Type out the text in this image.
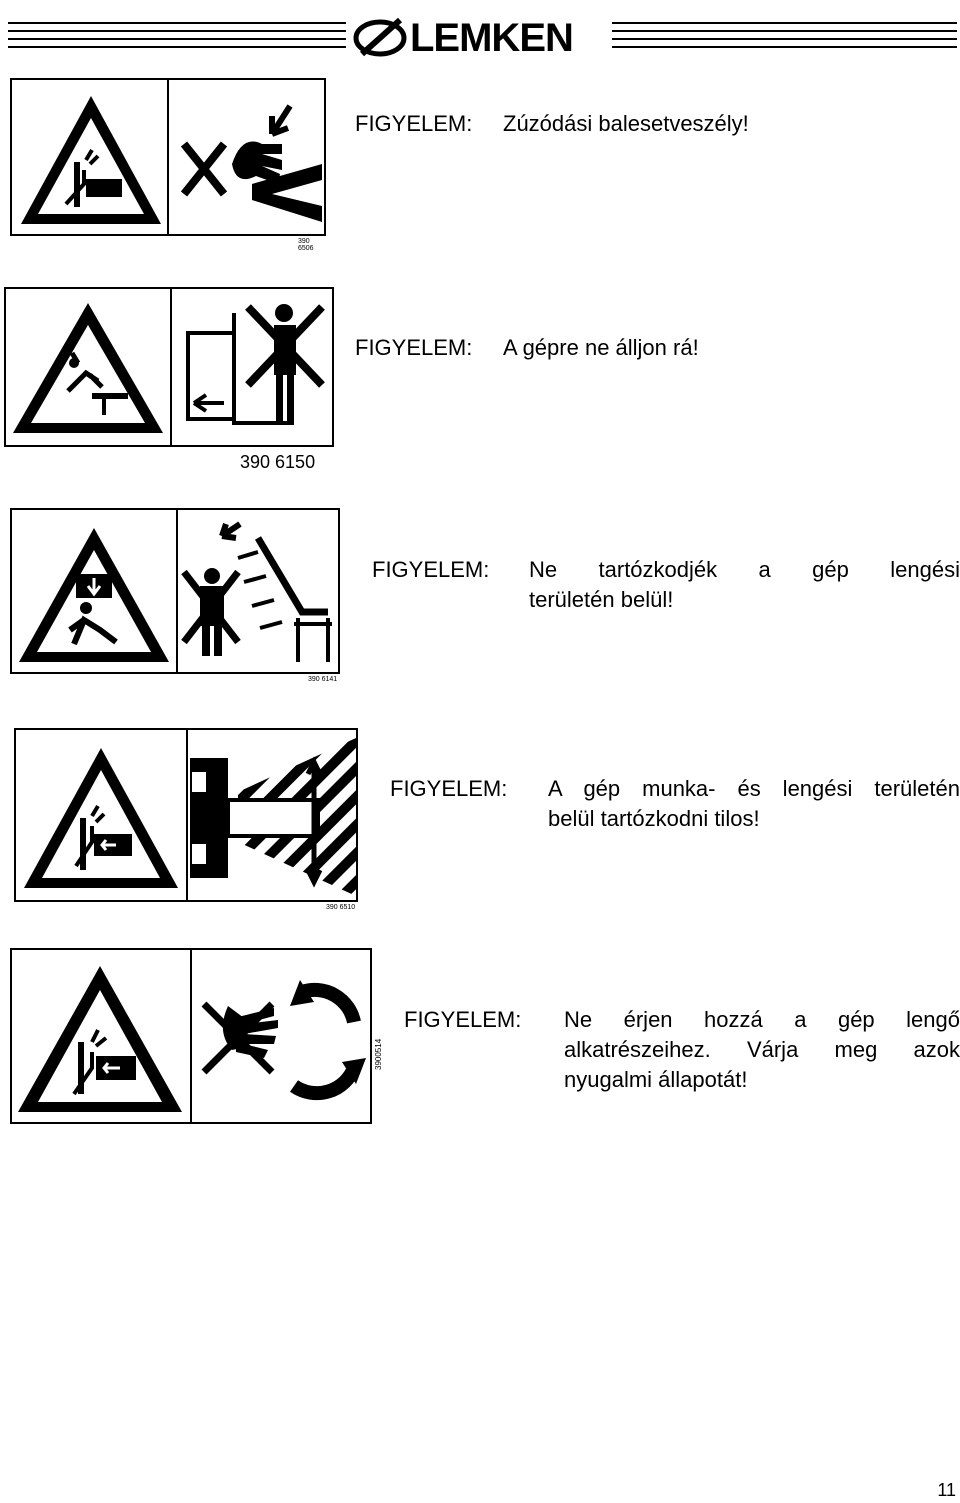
LEMKEN
390 6506
FIGYELEM: Zúzódási balesetveszély!
390 6150
FIGYELEM: A gépre ne álljon rá!
390 6141
FIGYELEM: Ne tartózkodjék a gép lengési
területén belül!
390 6510
FIGYELEM: A gép munka- és lengési területén
belül tartózkodni tilos!
3900514
FIGYELEM: Ne érjen hozzá a gép lengő
alkatrészeihez. Várja meg azok
nyugalmi állapotát!
11
